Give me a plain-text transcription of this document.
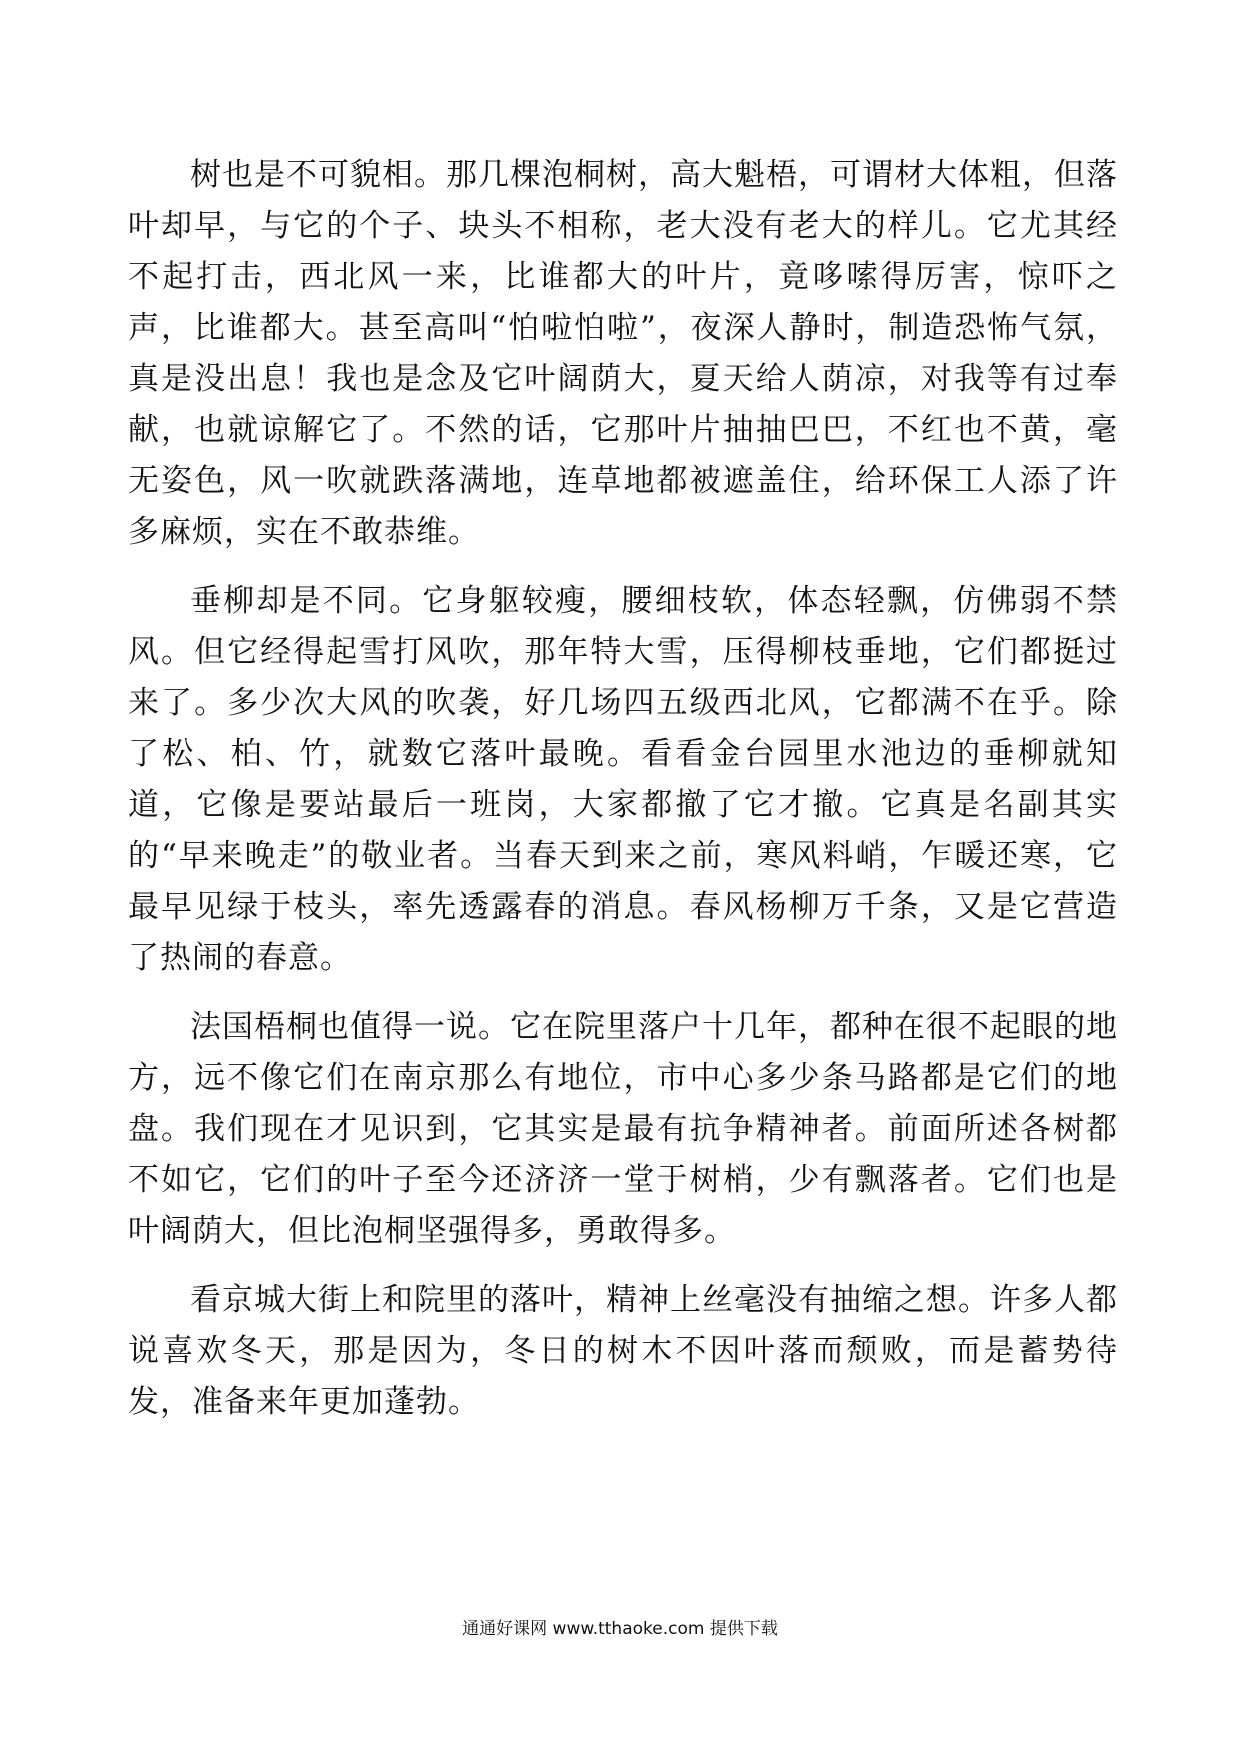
树也是不可貌相。那几棵泡桐树，高大魁梧，可谓材大体粗，但落叶却早，与它的个子、块头不相称，老大没有老大的样儿。它尤其经不起打击，西北风一来，比谁都大的叶片，竟哆嗦得厉害，惊吓之声，比谁都大。甚至高叫“怕啦怕啦”，夜深人静时，制造恐怖气氛，真是没出息！我也是念及它叶阔荫大，夏天给人荫凉，对我等有过奉献，也就谅解它了。不然的话，它那叶片抽抽巴巴，不红也不黄，毫无姿色，风一吹就跌落满地，连草地都被遮盖住，给环保工人添了许多麻烦，实在不敢恭维。

垂柳却是不同。它身躯较瘦，腰细枝软，体态轻飘，仿佛弱不禁风。但它经得起雪打风吹，那年特大雪，压得柳枝垂地，它们都挺过来了。多少次大风的吹袭，好几场四五级西北风，它都满不在乎。除了松、柏、竹，就数它落叶最晚。看看金台园里水池边的垂柳就知道，它像是要站最后一班岗，大家都撤了它才撤。它真是名副其实的“早来晚走”的敬业者。当春天到来之前，寒风料峭，乍暖还寒，它最早见绿于枝头，率先透露春的消息。春风杨柳万千条，又是它营造了热闹的春意。

法国梧桐也值得一说。它在院里落户十几年，都种在很不起眼的地方，远不像它们在南京那么有地位，市中心多少条马路都是它们的地盘。我们现在才见识到，它其实是最有抗争精神者。前面所述各树都不如它，它们的叶子至今还济济一堂于树梢，少有飘落者。它们也是叶阔荫大，但比泡桐坚强得多，勇敢得多。

看京城大街上和院里的落叶，精神上丝毫没有抽缩之想。许多人都说喜欢冬天，那是因为，冬日的树木不因叶落而颓败，而是蓄势待发，准备来年更加蓬勃。

通通好课网 www.tthaoke.com 提供下载
